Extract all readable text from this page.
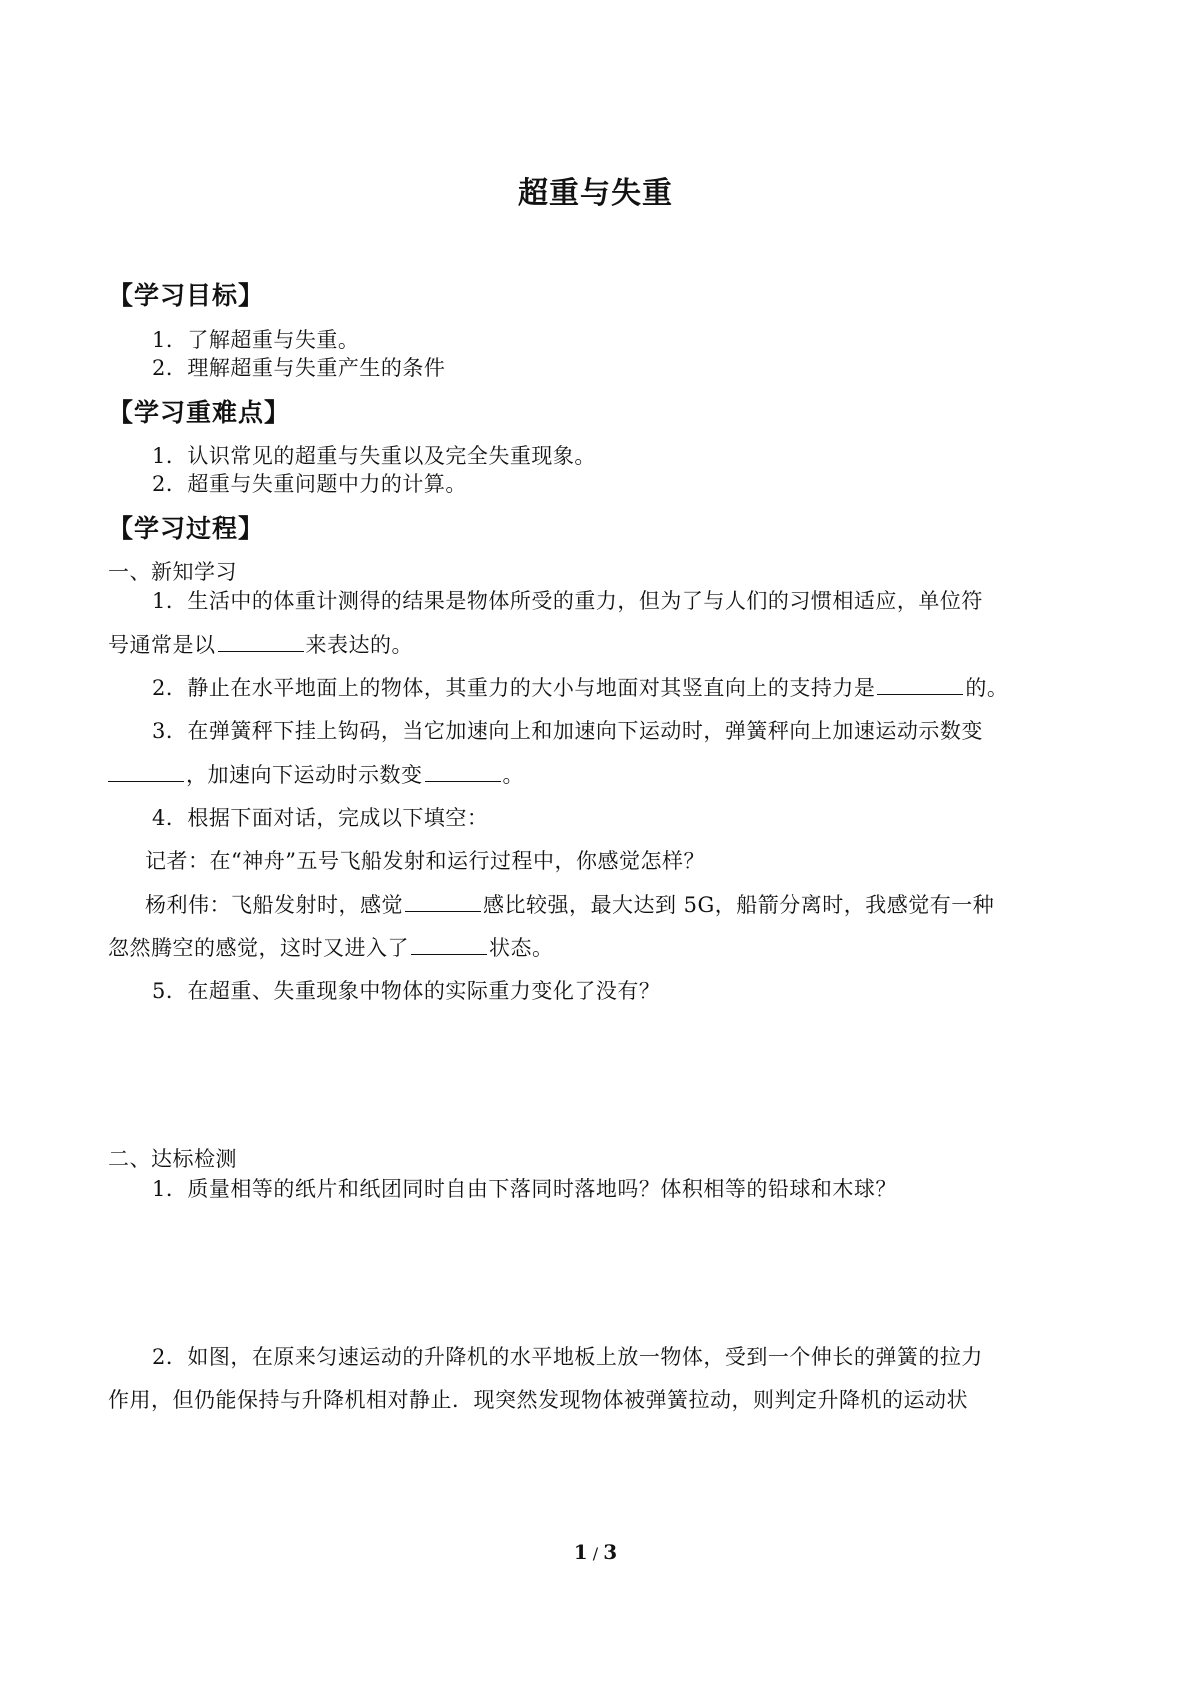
超重与失重
【学习目标】
1．了解超重与失重。
2．理解超重与失重产生的条件
【学习重难点】
1．认识常见的超重与失重以及完全失重现象。
2．超重与失重问题中力的计算。
【学习过程】
一、新知学习
1．生活中的体重计测得的结果是物体所受的重力，但为了与人们的习惯相适应，单位符
号通常是以	来表达的。
2．静止在水平地面上的物体，其重力的大小与地面对其竖直向上的支持力是	的。
3．在弹簧秤下挂上钩码，当它加速向上和加速向下运动时，弹簧秤向上加速运动示数变
，加速向下运动时示数变	。
4．根据下面对话，完成以下填空：
记者：在“神舟”五号飞船发射和运行过程中，你感觉怎样？
杨利伟：飞船发射时，感觉	感比较强，最大达到 5G，船箭分离时，我感觉有一种
忽然腾空的感觉，这时又进入了	状态。
5．在超重、失重现象中物体的实际重力变化了没有？
二、达标检测
1．质量相等的纸片和纸团同时自由下落同时落地吗？体积相等的铅球和木球？
2．如图，在原来匀速运动的升降机的水平地板上放一物体，受到一个伸长的弹簧的拉力
作用，但仍能保持与升降机相对静止．现突然发现物体被弹簧拉动，则判定升降机的运动状
1 / 3
